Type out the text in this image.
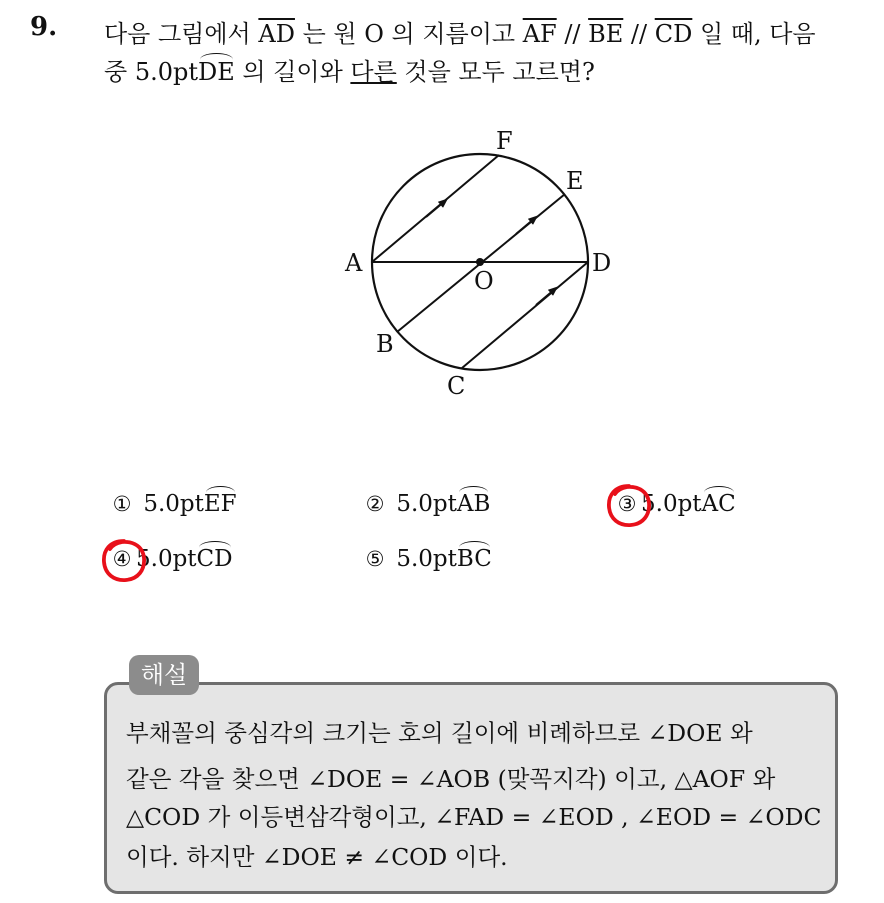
9. 다음 그림에서 $\overline{AD}$ 는 원 O 의 지름이고 $\overline{AF} // \overline{BE} // \overline{CD}$ 일 때, 다음
중 5.0ptDE 의 길이와 다른 것을 모두 고르면?
A	D
F
E
B
C
O
① 5.0ptEF	② 5.0ptAB	③ 5.0ptAC
④ 5.0ptCD	⑤ 5.0ptBC
해설
부채꼴의 중심각의 크기는 호의 길이에 비례하므로 ∠DOE 와
같은 각을 찾으면 ∠DOE = ∠AOB (맞꼭지각) 이고, △AOF 와
△COD 가 이등변삼각형이고, ∠FAD = ∠EOD , ∠EOD = ∠ODC
이다. 하지만 ∠DOE ≠ ∠COD 이다.
